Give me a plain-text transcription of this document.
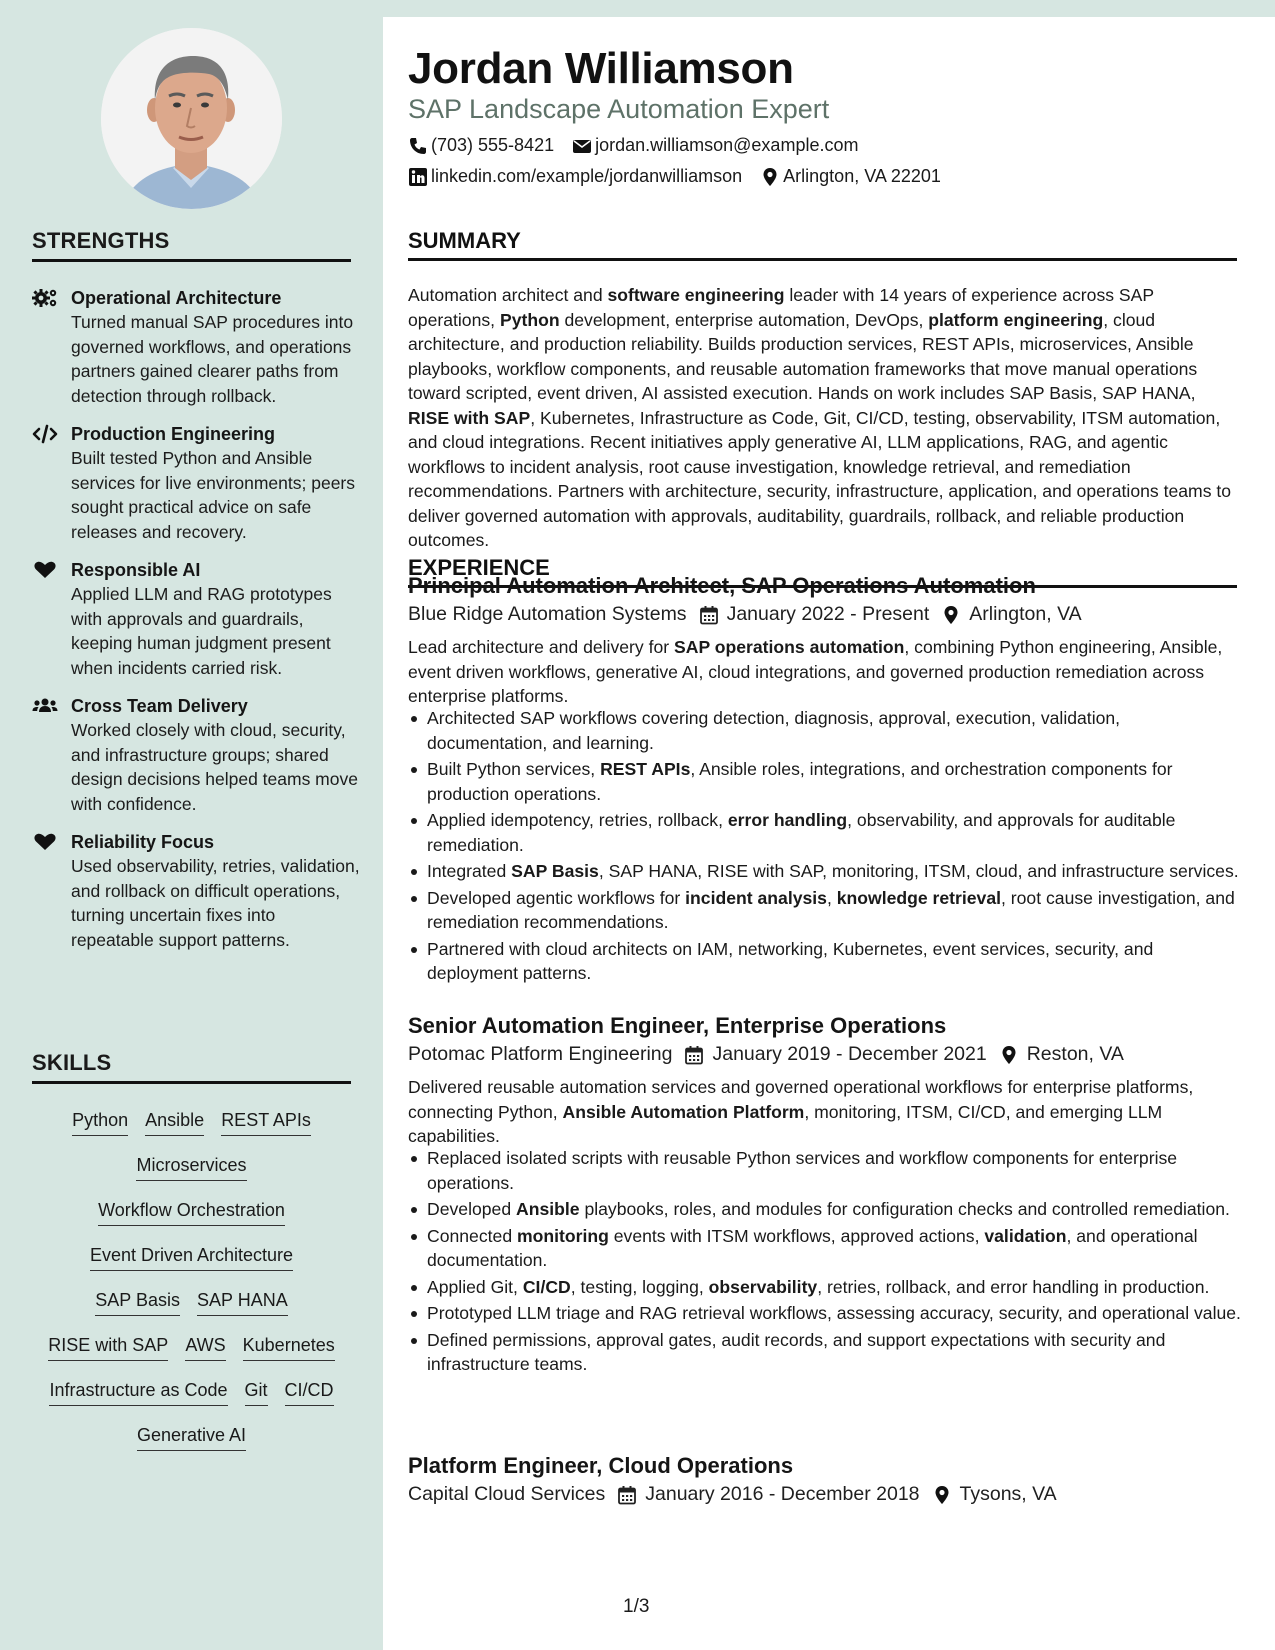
STRENGTHS
Operational Architecture
Turned manual SAP procedures into governed workflows, and operations partners gained clearer paths from detection through rollback.
Production Engineering
Built tested Python and Ansible services for live environments; peers sought practical advice on safe releases and recovery.
Responsible AI
Applied LLM and RAG prototypes with approvals and guardrails, keeping human judgment present when incidents carried risk.
Cross Team Delivery
Worked closely with cloud, security, and infrastructure groups; shared design decisions helped teams move with confidence.
Reliability Focus
Used observability, retries, validation, and rollback on difficult operations, turning uncertain fixes into repeatable support patterns.
SKILLS
Python Ansible REST APIs
Microservices
Workflow Orchestration
Event Driven Architecture
SAP Basis SAP HANA
RISE with SAP AWS Kubernetes
Infrastructure as Code Git CI/CD
Generative AI
Jordan Williamson
SAP Landscape Automation Expert
(703) 555-8421 jordan.williamson@example.com
linkedin.com/example/jordanwilliamson Arlington, VA 22201
SUMMARY
Automation architect and software engineering leader with 14 years of experience across SAP operations, Python development, enterprise automation, DevOps, platform engineering, cloud architecture, and production reliability. Builds production services, REST APIs, microservices, Ansible playbooks, workflow components, and reusable automation frameworks that move manual operations toward scripted, event driven, AI assisted execution. Hands on work includes SAP Basis, SAP HANA, RISE with SAP, Kubernetes, Infrastructure as Code, Git, CI/CD, testing, observability, ITSM automation, and cloud integrations. Recent initiatives apply generative AI, LLM applications, RAG, and agentic workflows to incident analysis, root cause investigation, knowledge retrieval, and remediation recommendations. Partners with architecture, security, infrastructure, application, and operations teams to deliver governed automation with approvals, auditability, guardrails, rollback, and reliable production outcomes.
EXPERIENCE
1/3
Principal Automation Architect, SAP Operations Automation
Blue Ridge Automation Systems January 2022 - Present Arlington, VA
Lead architecture and delivery for SAP operations automation, combining Python engineering, Ansible, event driven workflows, generative AI, cloud integrations, and governed production remediation across enterprise platforms.
Architected SAP workflows covering detection, diagnosis, approval, execution, validation, documentation, and learning.
Built Python services, REST APIs, Ansible roles, integrations, and orchestration components for production operations.
Applied idempotency, retries, rollback, error handling, observability, and approvals for auditable remediation.
Integrated SAP Basis, SAP HANA, RISE with SAP, monitoring, ITSM, cloud, and infrastructure services.
Developed agentic workflows for incident analysis, knowledge retrieval, root cause investigation, and remediation recommendations.
Partnered with cloud architects on IAM, networking, Kubernetes, event services, security, and deployment patterns.
Senior Automation Engineer, Enterprise Operations
Potomac Platform Engineering January 2019 - December 2021 Reston, VA
Delivered reusable automation services and governed operational workflows for enterprise platforms, connecting Python, Ansible Automation Platform, monitoring, ITSM, CI/CD, and emerging LLM capabilities.
Replaced isolated scripts with reusable Python services and workflow components for enterprise operations.
Developed Ansible playbooks, roles, and modules for configuration checks and controlled remediation.
Connected monitoring events with ITSM workflows, approved actions, validation, and operational documentation.
Applied Git, CI/CD, testing, logging, observability, retries, rollback, and error handling in production.
Prototyped LLM triage and RAG retrieval workflows, assessing accuracy, security, and operational value.
Defined permissions, approval gates, audit records, and support expectations with security and infrastructure teams.
Platform Engineer, Cloud Operations
Capital Cloud Services January 2016 - December 2018 Tysons, VA
